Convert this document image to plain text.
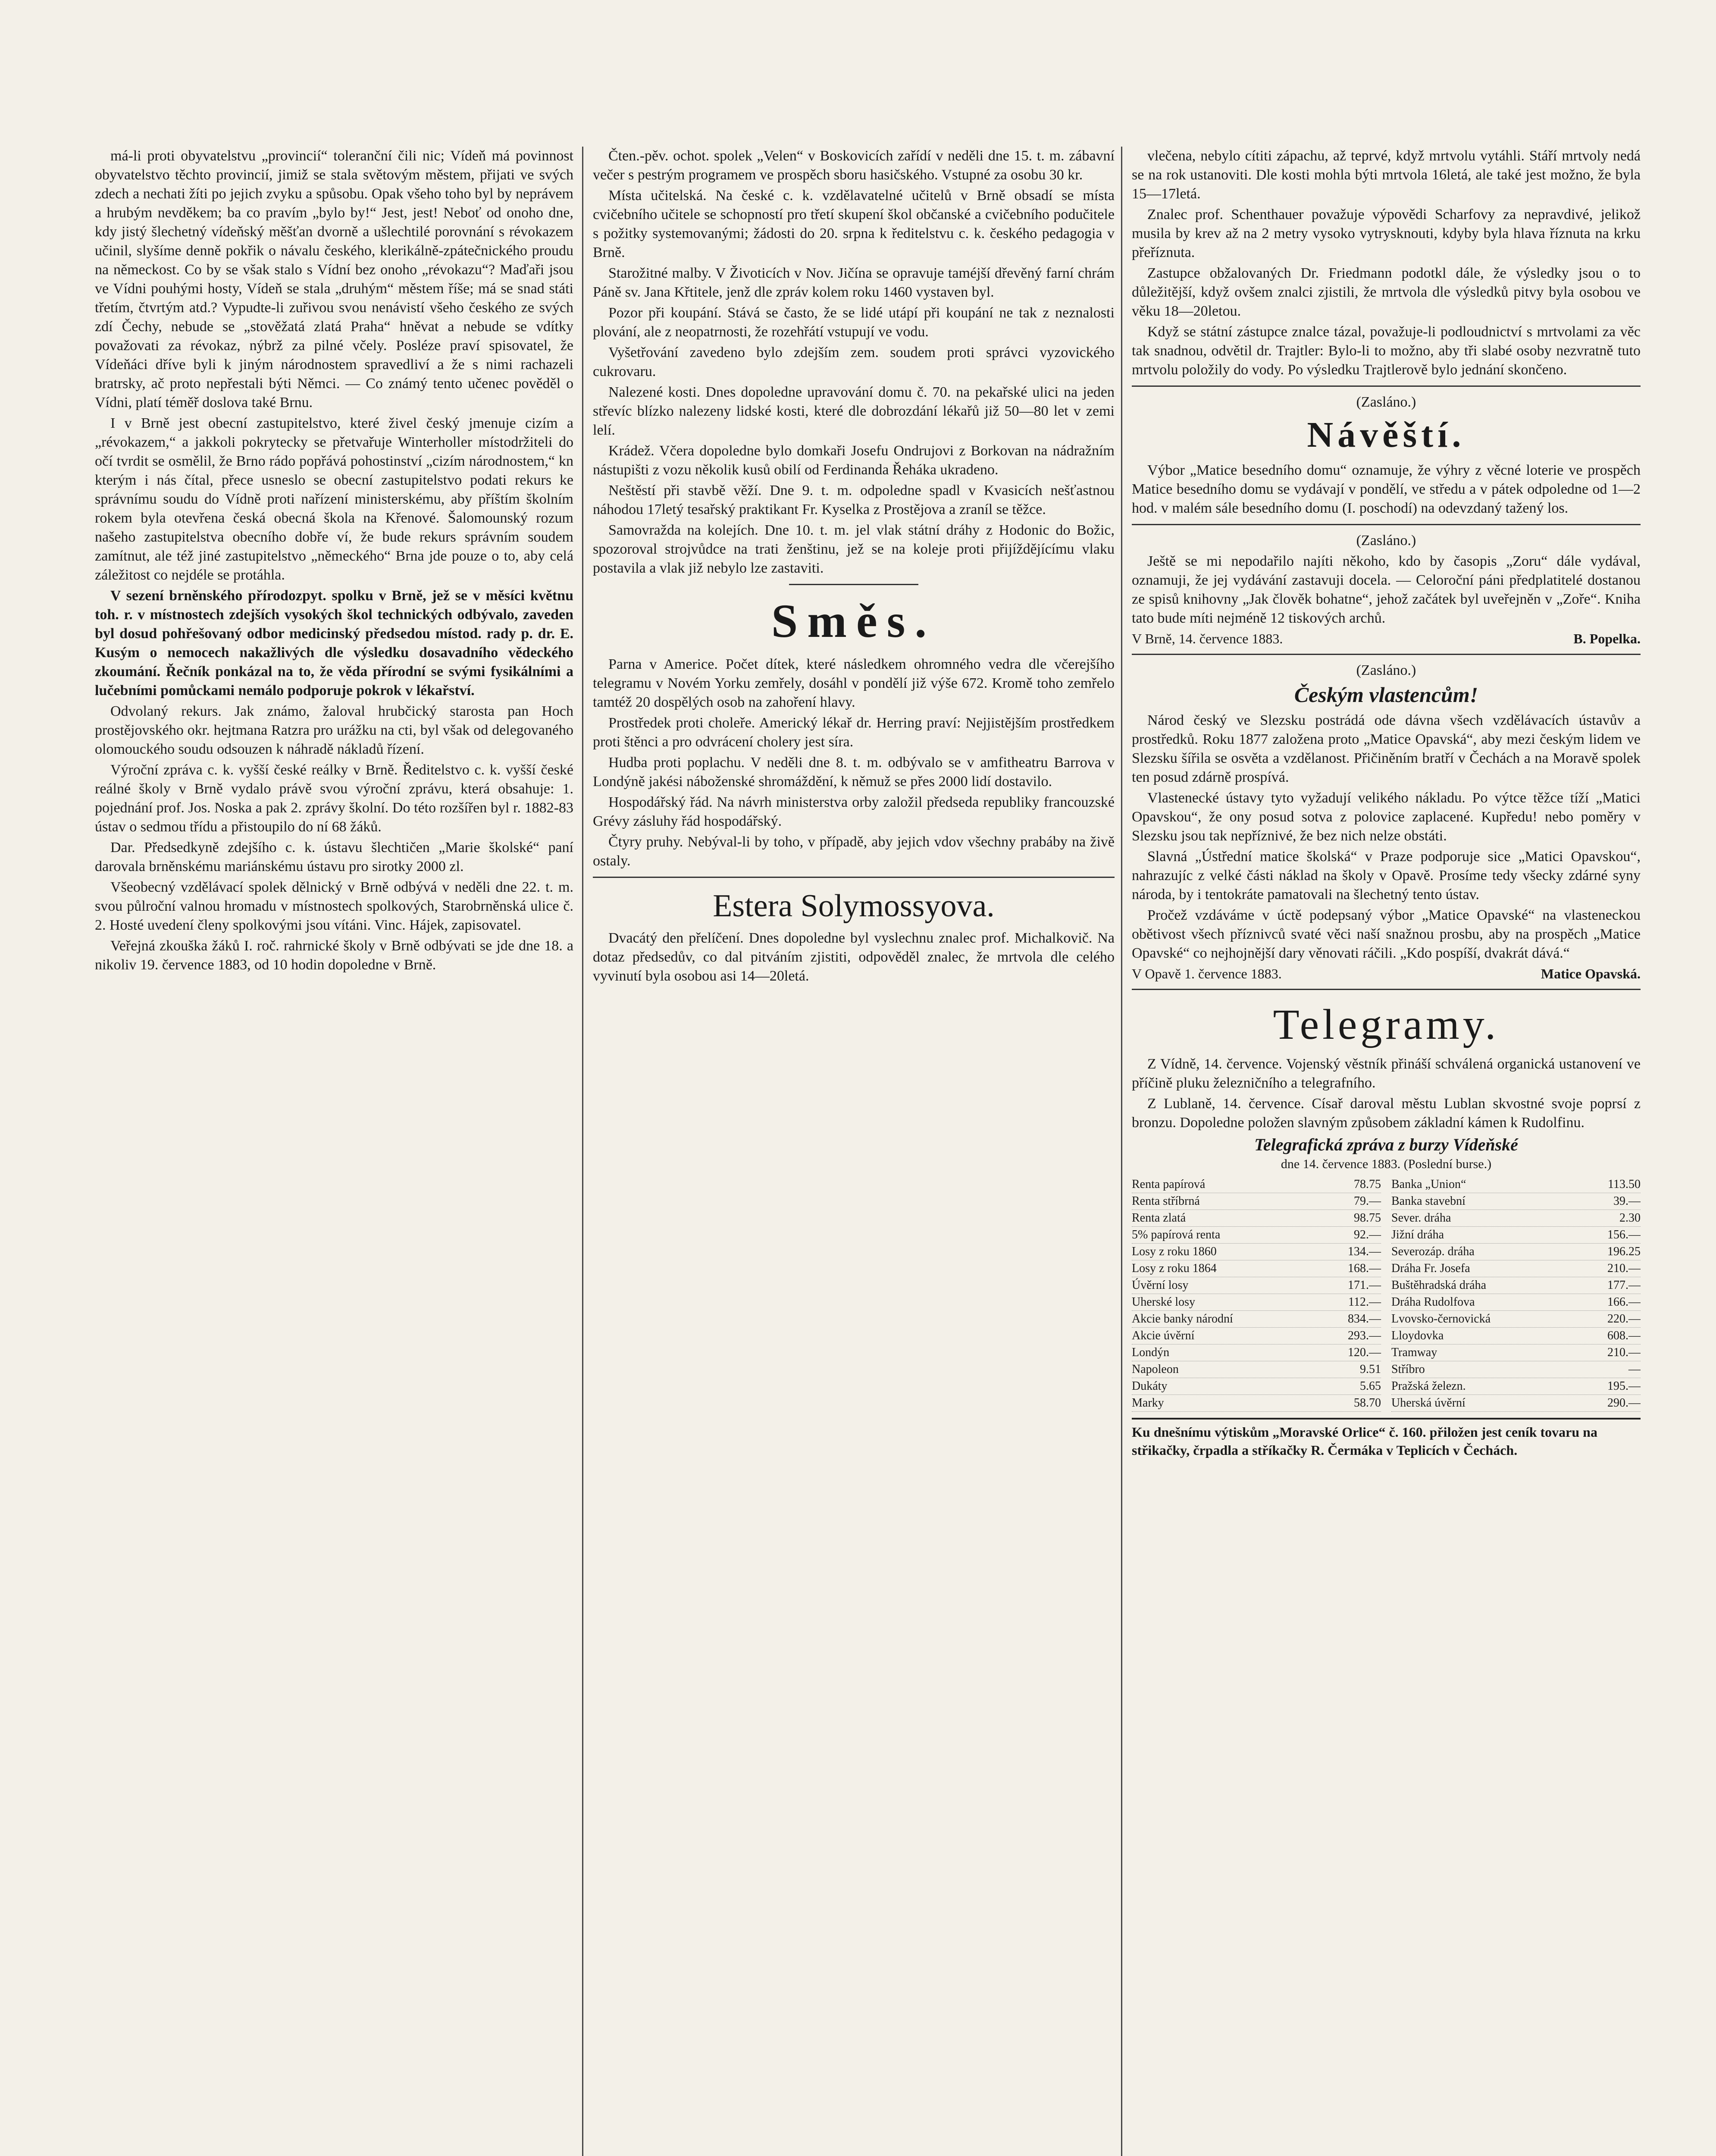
má-li proti obyvatelstvu „provincií“ toleranční čili nic; Vídeň má povinnost obyvatelstvo těchto provincií, jimiž se stala světovým městem, přijati ve svých zdech a nechati žíti po jejich zvyku a spůsobu. Opak všeho toho byl by neprávem a hrubým nevděkem; ba co pravím „bylo by!“ Jest, jest! Neboť od onoho dne, kdy jistý šlechetný vídeňský měšťan dvorně a ušlechtilé porovnání s révokazem učinil, slyšíme denně pokřik o návalu českého, klerikálně-zpátečnického proudu na německost. Co by se však stalo s Vídní bez onoho „révokazu“? Maďaři jsou ve Vídni pouhými hosty, Vídeň se stala „druhým“ městem říše; má se snad státi třetím, čtvrtým atd.? Vypudte-li zuřivou svou nenávistí všeho českého ze svých zdí Čechy, nebude se „stověžatá zlatá Praha“ hněvat a nebude se vdítky považovati za révokaz, nýbrž za pilné včely. Posléze praví spisovatel, že Vídeňáci dříve byli k jiným národnostem spravedliví a že s nimi rachazeli bratrsky, ač proto nepřestali býti Němci. — Co známý tento učenec pověděl o Vídni, platí téměř doslova také Brnu.

I v Brně jest obecní zastupitelstvo, které živel český jmenuje cizím a „révokazem,“ a jakkoli pokrytecky se přetvařuje Winterholler místodržiteli do očí tvrdit se osmělil, že Brno rádo popřává pohostinství „cizím národnostem,“ kn kterým i nás čítal, přece usneslo se obecní zastupitelstvo podati rekurs ke správnímu soudu do Vídně proti nařízení ministerskému, aby příštím školním rokem byla otevřena česká obecná škola na Křenové. Šalomounský rozum našeho zastupitelstva obecního dobře ví, že bude rekurs správním soudem zamítnut, ale též jiné zastupitelstvo „německého“ Brna jde pouze o to, aby celá záležitost co nejdéle se protáhla.

V sezení brněnského přírodozpyt. spolku v Brně, jež se v měsíci květnu toh. r. v místnostech zdejších vysokých škol technických odbývalo, zaveden byl dosud pohřešovaný odbor medicinský předsedou místod. rady p. dr. E. Kusým o nemocech nakažlivých dle výsledku dosavadního vědeckého zkoumání. Řečník ponkázal na to, že věda přírodní se svými fysikálními a lučebními pomůckami nemálo podporuje pokrok v lékařství.

Odvolaný rekurs. Jak známo, žaloval hrubčický starosta pan Hoch prostějovského okr. hejtmana Ratzra pro urážku na cti, byl však od delegovaného olomouckého soudu odsouzen k náhradě nákladů řízení.

Výroční zpráva c. k. vyšší české reálky v Brně. Ředitelstvo c. k. vyšší české reálné školy v Brně vydalo právě svou výroční zprávu, která obsahuje: 1. pojednání prof. Jos. Noska a pak 2. zprávy školní. Do této rozšířen byl r. 1882-83 ústav o sedmou třídu a přistoupilo do ní 68 žáků.

Dar. Předsedkyně zdejšího c. k. ústavu šlechtičen „Marie školské“ paní darovala brněnskému mariánskému ústavu pro sirotky 2000 zl.

Všeobecný vzdělávací spolek dělnický v Brně odbývá v neděli dne 22. t. m. svou půlroční valnou hromadu v místnostech spolkových, Starobrněnská ulice č. 2. Hosté uvedení členy spolkovými jsou vítáni. Vinc. Hájek, zapisovatel.

Veřejná zkouška žáků I. roč. rahrnické školy v Brně odbývati se jde dne 18. a nikoliv 19. července 1883, od 10 hodin dopoledne v Brně.

Čten.-pěv. ochot. spolek „Velen“ v Boskovicích zařídí v neděli dne 15. t. m. zábavní večer s pestrým programem ve prospěch sboru hasičského. Vstupné za osobu 30 kr.

Místa učitelská. Na české c. k. vzdělavatelné učitelů v Brně obsadí se místa cvičebního učitele se schopností pro třetí skupení škol občanské a cvičebního podučitele s požitky systemovanými; žádosti do 20. srpna k ředitelstvu c. k. českého pedagogia v Brně.

Starožitné malby. V Životicích v Nov. Jičína se opravuje taméjší dřevěný farní chrám Páně sv. Jana Křtitele, jenž dle zpráv kolem roku 1460 vystaven byl.

Pozor při koupání. Stává se často, že se lidé utápí při koupání ne tak z neznalosti plování, ale z neopatrnosti, že rozehřátí vstupují ve vodu.

Vyšetřování zavedeno bylo zdejším zem. soudem proti správci vyzovického cukrovaru.

Nalezené kosti. Dnes dopoledne upravování domu č. 70. na pekařské ulici na jeden střevíc blízko nalezeny lidské kosti, které dle dobrozdání lékařů již 50—80 let v zemi lelí.

Krádež. Včera dopoledne bylo domkaři Josefu Ondrujovi z Borkovan na nádražním nástupišti z vozu několik kusů obilí od Ferdinanda Řeháka ukradeno.

Neštěstí při stavbě věží. Dne 9. t. m. odpoledne spadl v Kvasicích nešťastnou náhodou 17letý tesařský praktikant Fr. Kyselka z Prostějova a zraníl se těžce.

Samovražda na kolejích. Dne 10. t. m. jel vlak státní dráhy z Hodonic do Božic, spozoroval strojvůdce na trati ženštinu, jež se na koleje proti přijíždějícímu vlaku postavila a vlak již nebylo lze zastaviti.

Směs.

Parna v Americe. Počet dítek, které následkem ohromného vedra dle včerejšího telegramu v Novém Yorku zemřely, dosáhl v pondělí již výše 672. Kromě toho zemřelo tamtéž 20 dospělých osob na zahoření hlavy.

Prostředek proti choleře. Americký lékař dr. Herring praví: Nejjistějším prostředkem proti štěnci a pro odvrácení cholery jest síra.

Hudba proti poplachu. V neděli dne 8. t. m. odbývalo se v amfitheatru Barrova v Londýně jakési náboženské shromáždění, k němuž se přes 2000 lidí dostavilo.

Hospodářský řád. Na návrh ministerstva orby založil předseda republiky francouzské Grévy zásluhy řád hospodářský.

Čtyry pruhy. Nebýval-li by toho, v případě, aby jejich vdov všechny prabáby na živě ostaly.

Estera Solymossyova.

Dvacátý den přelíčení. Dnes dopoledne byl vyslechnu znalec prof. Michalkovič. Na dotaz předsedův, co dal pitváním zjistiti, odpověděl znalec, že mrtvola dle celého vyvinutí byla osobou asi 14—20letá.

vlečena, nebylo cítiti zápachu, až teprvé, když mrtvolu vytáhli. Stáří mrtvoly nedá se na rok ustanoviti. Dle kosti mohla býti mrtvola 16letá, ale také jest možno, že byla 15—17letá.

Znalec prof. Schenthauer považuje výpovědi Scharfovy za nepravdivé, jelikož musila by krev až na 2 metry vysoko vytrysknouti, kdyby byla hlava říznuta na krku přeříznuta.

Zastupce obžalovaných Dr. Friedmann podotkl dále, že výsledky jsou o to důležitější, když ovšem znalci zjistili, že mrtvola dle výsledků pitvy byla osobou ve věku 18—20letou.

Když se státní zástupce znalce tázal, považuje-li podloudnictví s mrtvolami za věc tak snadnou, odvětil dr. Trajtler: Bylo-li to možno, aby tři slabé osoby nezvratně tuto mrtvolu položily do vody. Po výsledku Trajtlerově bylo jednání skončeno.

(Zasláno.)
Návěští.

Výbor „Matice besedního domu“ oznamuje, že výhry z věcné loterie ve prospěch Matice besedního domu se vydávají v pondělí, ve středu a v pátek odpoledne od 1—2 hod. v malém sále besedního domu (I. poschodí) na odevzdaný tažený los.

(Zasláno.)

Ještě se mi nepodařilo najíti někoho, kdo by časopis „Zoru“ dále vydával, oznamuji, že jej vydávání zastavuji docela. — Celoroční páni předplatitelé dostanou ze spisů knihovny „Jak člověk bohatne“, jehož začátek byl uveřejněn v „Zoře“. Kniha tato bude míti nejméně 12 tiskových archů.

V Brně, 14. července 1883.	B. Popelka.
(Zasláno.)
Českým vlastencům!

Národ český ve Slezsku postrádá ode dávna všech vzdělávacích ústavův a prostředků. Roku 1877 založena proto „Matice Opavská“, aby mezi českým lidem ve Slezsku šířila se osvěta a vzdělanost. Přičiněním bratří v Čechách a na Moravě spolek ten posud zdárně prospívá.

Vlastenecké ústavy tyto vyžadují velikého nákladu. Po výtce těžce tíží „Matici Opavskou“, že ony posud sotva z polovice zaplacené. Kupředu! nebo poměry v Slezsku jsou tak nepříznivé, že bez nich nelze obstáti.

Slavná „Ústřední matice školská“ v Praze podporuje sice „Matici Opavskou“, nahrazujíc z velké části náklad na školy v Opavě. Prosíme tedy všecky zdárné syny národa, by i tentokráte pamatovali na šlechetný tento ústav.

Pročež vzdáváme v úctě podepsaný výbor „Matice Opavské“ na vlasteneckou obětivost všech příznivců svaté věci naší snažnou prosbu, aby na prospěch „Matice Opavské“ co nejhojnější dary věnovati ráčili. „Kdo pospíší, dvakrát dává.“

V Opavě 1. července 1883.	Matice Opavská.
Telegramy.

Z Vídně, 14. července. Vojenský věstník přináší schválená organická ustanovení ve příčině pluku železničního a telegrafního.

Z Lublaně, 14. července. Císař daroval městu Lublan skvostné svoje poprsí z bronzu. Dopoledne položen slavným způsobem základní kámen k Rudolfinu.

Telegrafická zpráva z burzy Vídeňské
dne 14. července 1883. (Poslední burse.)
Renta papírová	78.75
Renta stříbrná	79.—
Renta zlatá	98.75
5% papírová renta	92.—
Losy z roku 1860	134.—
Losy z roku 1864	168.—
Úvěrní losy	171.—
Uherské losy	112.—
Akcie banky národní	834.—
Akcie úvěrní	293.—
Londýn	120.—
Napoleon	9.51
Dukáty	5.65
Marky	58.70
Banka „Union“	113.50
Banka stavební	39.—
Sever. dráha	2.30
Jižní dráha	156.—
Severozáp. dráha	196.25
Dráha Fr. Josefa	210.—
Buštěhradská dráha	177.—
Dráha Rudolfova	166.—
Lvovsko-černovická	220.—
Lloydovka	608.—
Tramway	210.—
Stříbro	—
Pražská železn.	195.—
Uherská úvěrní	290.—
Ku dnešnímu výtiskům „Moravské Orlice“ č. 160. přiložen jest ceník tovaru na střikačky, črpadla a stříkačky R. Čermáka v Teplicích v Čechách.
